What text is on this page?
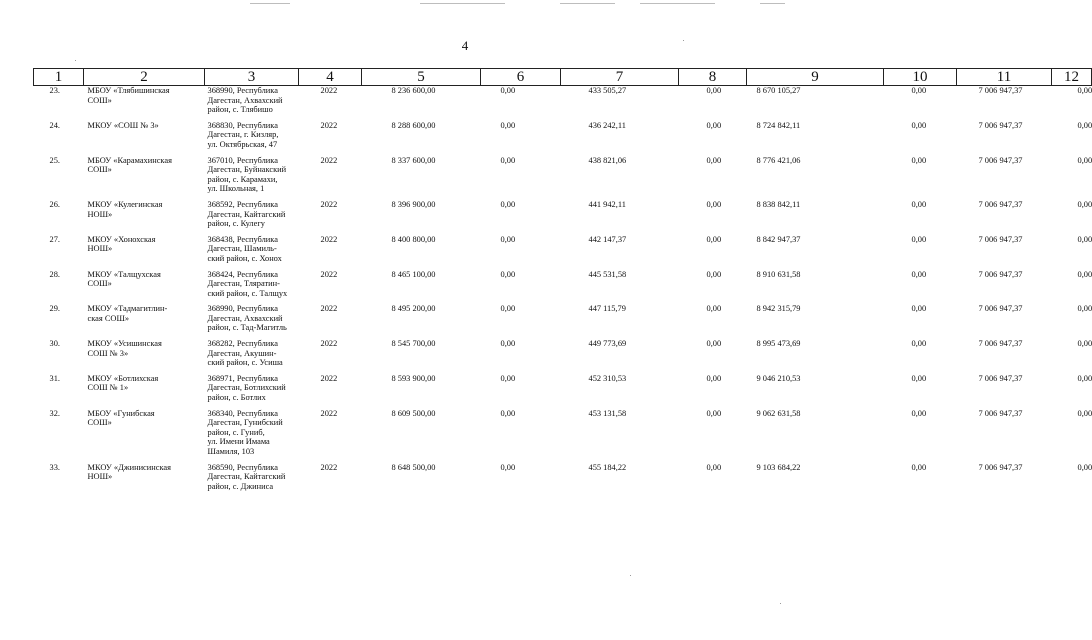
4
1	2	3	4	5	6	7	8	9	10	11	12
23.	МБОУ «Тлябишинская
СОШ»	368990, Республика
Дагестан, Ахвахский
район, с. Тлябишо	2022	8 236 600,00	0,00	433 505,27	0,00	8 670 105,27	0,00	7 006 947,37	0,00
24.	МКОУ «СОШ № 3»	368830, Республика
Дагестан, г. Кизляр,
ул. Октябрьская, 47	2022	8 288 600,00	0,00	436 242,11	0,00	8 724 842,11	0,00	7 006 947,37	0,00
25.	МБОУ «Карамахинская
СОШ»	367010, Республика
Дагестан, Буйнакский
район, с. Карамахи,
ул. Школьная, 1	2022	8 337 600,00	0,00	438 821,06	0,00	8 776 421,06	0,00	7 006 947,37	0,00
26.	МКОУ «Кулегинская
НОШ»	368592, Республика
Дагестан, Кайтагский
район, с. Кулегу	2022	8 396 900,00	0,00	441 942,11	0,00	8 838 842,11	0,00	7 006 947,37	0,00
27.	МКОУ «Хонохская
НОШ»	368438, Республика
Дагестан, Шамиль-
ский район, с. Хонох	2022	8 400 800,00	0,00	442 147,37	0,00	8 842 947,37	0,00	7 006 947,37	0,00
28.	МКОУ «Талщухская
СОШ»	368424, Республика
Дагестан, Тляратин-
ский район, с. Талщух	2022	8 465 100,00	0,00	445 531,58	0,00	8 910 631,58	0,00	7 006 947,37	0,00
29.	МКОУ «Тадмагитлин-
ская СОШ»	368990, Республика
Дагестан, Ахвахский
район, с. Тад-Магитль	2022	8 495 200,00	0,00	447 115,79	0,00	8 942 315,79	0,00	7 006 947,37	0,00
30.	МКОУ «Усишинская
СОШ № 3»	368282, Республика
Дагестан, Акушин-
ский район, с. Усиша	2022	8 545 700,00	0,00	449 773,69	0,00	8 995 473,69	0,00	7 006 947,37	0,00
31.	МКОУ «Ботлихская
СОШ № 1»	368971, Республика
Дагестан, Ботлихский
район, с. Ботлих	2022	8 593 900,00	0,00	452 310,53	0,00	9 046 210,53	0,00	7 006 947,37	0,00
32.	МБОУ «Гунибская
СОШ»	368340, Республика
Дагестан, Гунибский
район, с. Гуниб,
ул. Имени Имама
Шамиля, 103	2022	8 609 500,00	0,00	453 131,58	0,00	9 062 631,58	0,00	7 006 947,37	0,00
33.	МКОУ «Джинисинская
НОШ»	368590, Республика
Дагестан, Кайтагский
район, с. Джиниса	2022	8 648 500,00	0,00	455 184,22	0,00	9 103 684,22	0,00	7 006 947,37	0,00
